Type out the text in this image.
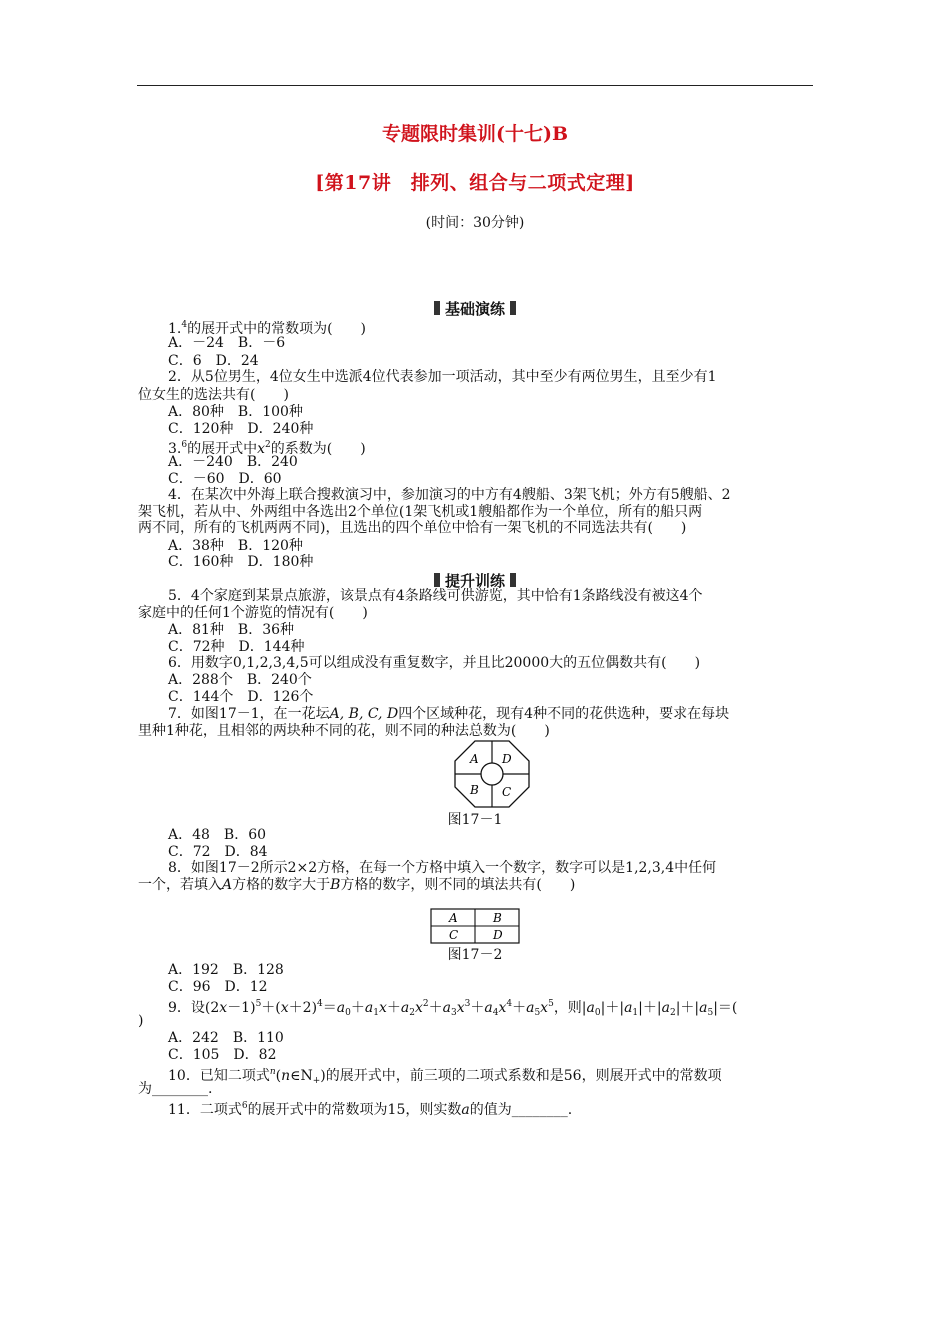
专题限时集训(十七)B
[第17讲　排列、组合与二项式定理]
(时间：30分钟)
基础演练
1.$^4$的展开式中的常数项为(　　)
A．－24　B．－6
C．6　D．24
2．从5位男生，4位女生中选派4位代表参加一项活动，其中至少有两位男生，且至少有1
位女生的选法共有(　　)
A．80种　B．100种
C．120种　D．240种
3.$^6$的展开式中$x^2$的系数为(　　)
A．－240　B．240
C．－60　D．60
4．在某次中外海上联合搜救演习中，参加演习的中方有4艘船、3架飞机；外方有5艘船、2
架飞机，若从中、外两组中各选出2个单位(1架飞机或1艘船都作为一个单位，所有的船只两
两不同，所有的飞机两两不同)，且选出的四个单位中恰有一架飞机的不同选法共有(　　)
A．38种　B．120种
C．160种　D．180种
提升训练
5．4个家庭到某景点旅游，该景点有4条路线可供游览，其中恰有1条路线没有被这4个
家庭中的任何1个游览的情况有(　　)
A．81种　B．36种
C．72种　D．144种
6．用数字0,1,2,3,4,5可以组成没有重复数字，并且比20000大的五位偶数共有(　　)
A．288个　B．240个
C．144个　D．126个
7．如图17－1，在一花坛A, B, C, D四个区域种花，现有4种不同的花供选种，要求在每块
里种1种花，且相邻的两块种不同的花，则不同的种法总数为(　　)
A D
B C
图17－1
A．48　B．60
C．72　D．84
8．如图17－2所示2×2方格，在每一个方格中填入一个数字，数字可以是1,2,3,4中任何
一个，若填入A方格的数字大于B方格的数字，则不同的填法共有(　　)
A	B
C	D
图17－2
A．192　B．128
C．96　D．12
9．设$(2x-1)^5+(x+2)^4=a_0+a_1x+a_2x^2+a_3x^3+a_4x^4+a_5x^5$，则$|a_0|+|a_1|+|a_2|+|a_5|=$(
)
A．242　B．110
C．105　D．82
10．已知二项式$^n(n\in N_+)$的展开式中，前三项的二项式系数和是56，则展开式中的常数项
为________.
11．二项式$^6$的展开式中的常数项为15，则实数a的值为________.
